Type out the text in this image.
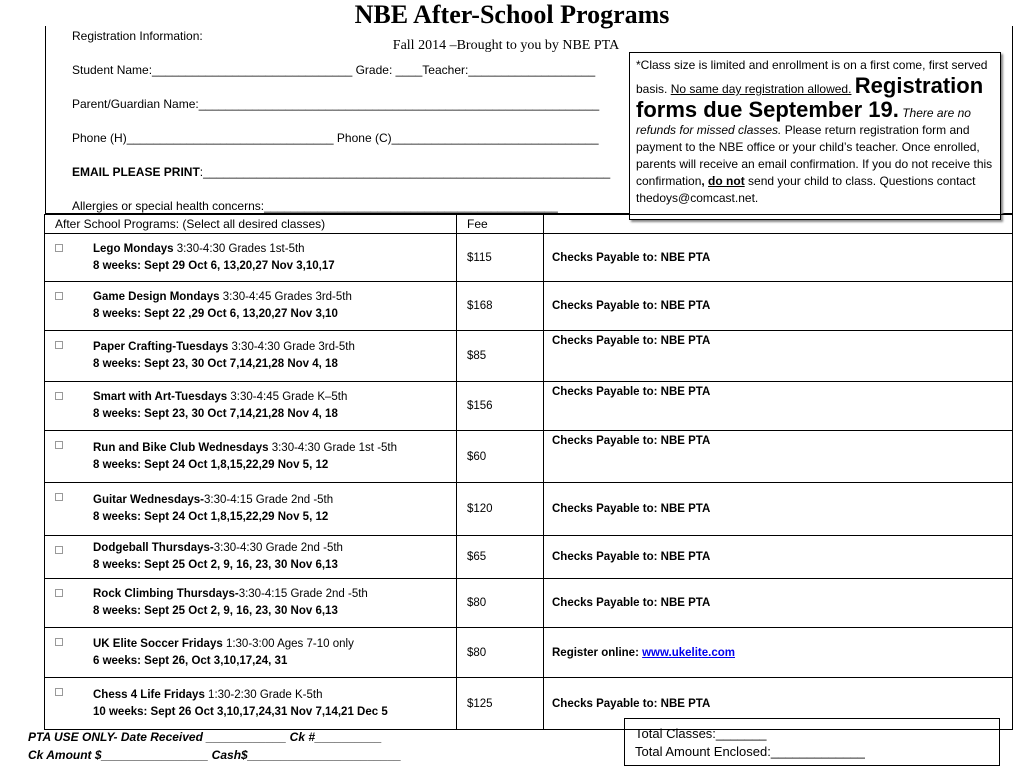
NBE After-School Programs
Fall 2014 –Brought to you by NBE PTA
Registration Information:
Student Name:______________________________ Grade: ____Teacher:___________________
Parent/Guardian Name:____________________________________________________________
Phone (H)_______________________________ Phone (C)_______________________________
EMAIL PLEASE PRINT:_____________________________________________________________
Allergies or special health concerns:____________________________________________
*Class size is limited and enrollment is on a first come, first served basis. No same day registration allowed. Registration forms due September 19. There are no refunds for missed classes. Please return registration form and payment to the NBE office or your child’s teacher. Once enrolled, parents will receive an email confirmation. If you do not receive this confirmation, do not send your child to class. Questions contact thedoys@comcast.net.
After School Programs: (Select all desired classes)	Fee	

Lego Mondays 3:30-4:30 Grades 1st-5th
8 weeks: Sept 29 Oct 6, 13,20,27 Nov 3,10,17	$115	Checks Payable to: NBE PTA

Game Design Mondays 3:30-4:45 Grades 3rd-5th
8 weeks: Sept 22 ,29 Oct 6, 13,20,27 Nov 3,10	$168	Checks Payable to: NBE PTA

Paper Crafting-Tuesdays 3:30-4:30 Grade 3rd-5th
8 weeks: Sept 23, 30 Oct 7,14,21,28 Nov 4, 18	$85	Checks Payable to: NBE PTA

Smart with Art-Tuesdays 3:30-4:45 Grade K–5th
8 weeks: Sept 23, 30 Oct 7,14,21,28 Nov 4, 18	$156	Checks Payable to: NBE PTA

Run and Bike Club Wednesdays 3:30-4:30 Grade 1st -5th
8 weeks: Sept 24 Oct 1,8,15,22,29 Nov 5, 12	$60	Checks Payable to: NBE PTA

Guitar Wednesdays-3:30-4:15 Grade 2nd -5th
8 weeks: Sept 24 Oct 1,8,15,22,29 Nov 5, 12	$120	Checks Payable to: NBE PTA

Dodgeball Thursdays-3:30-4:30 Grade 2nd -5th
8 weeks: Sept 25 Oct 2, 9, 16, 23, 30 Nov 6,13	$65	Checks Payable to: NBE PTA

Rock Climbing Thursdays-3:30-4:15 Grade 2nd -5th
8 weeks: Sept 25 Oct 2, 9, 16, 23, 30 Nov 6,13	$80	Checks Payable to: NBE PTA

UK Elite Soccer Fridays 1:30-3:00 Ages 7-10 only
6 weeks: Sept 26, Oct 3,10,17,24, 31	$80	Register online: www.ukelite.com

Chess 4 Life Fridays 1:30-2:30 Grade K-5th
10 weeks: Sept 26 Oct 3,10,17,24,31 Nov 7,14,21 Dec 5	$125	Checks Payable to: NBE PTA
PTA USE ONLY- Date Received ____________ Ck #__________
Ck Amount $________________ Cash$_______________________
Total Classes:_______
Total Amount Enclosed:_____________
